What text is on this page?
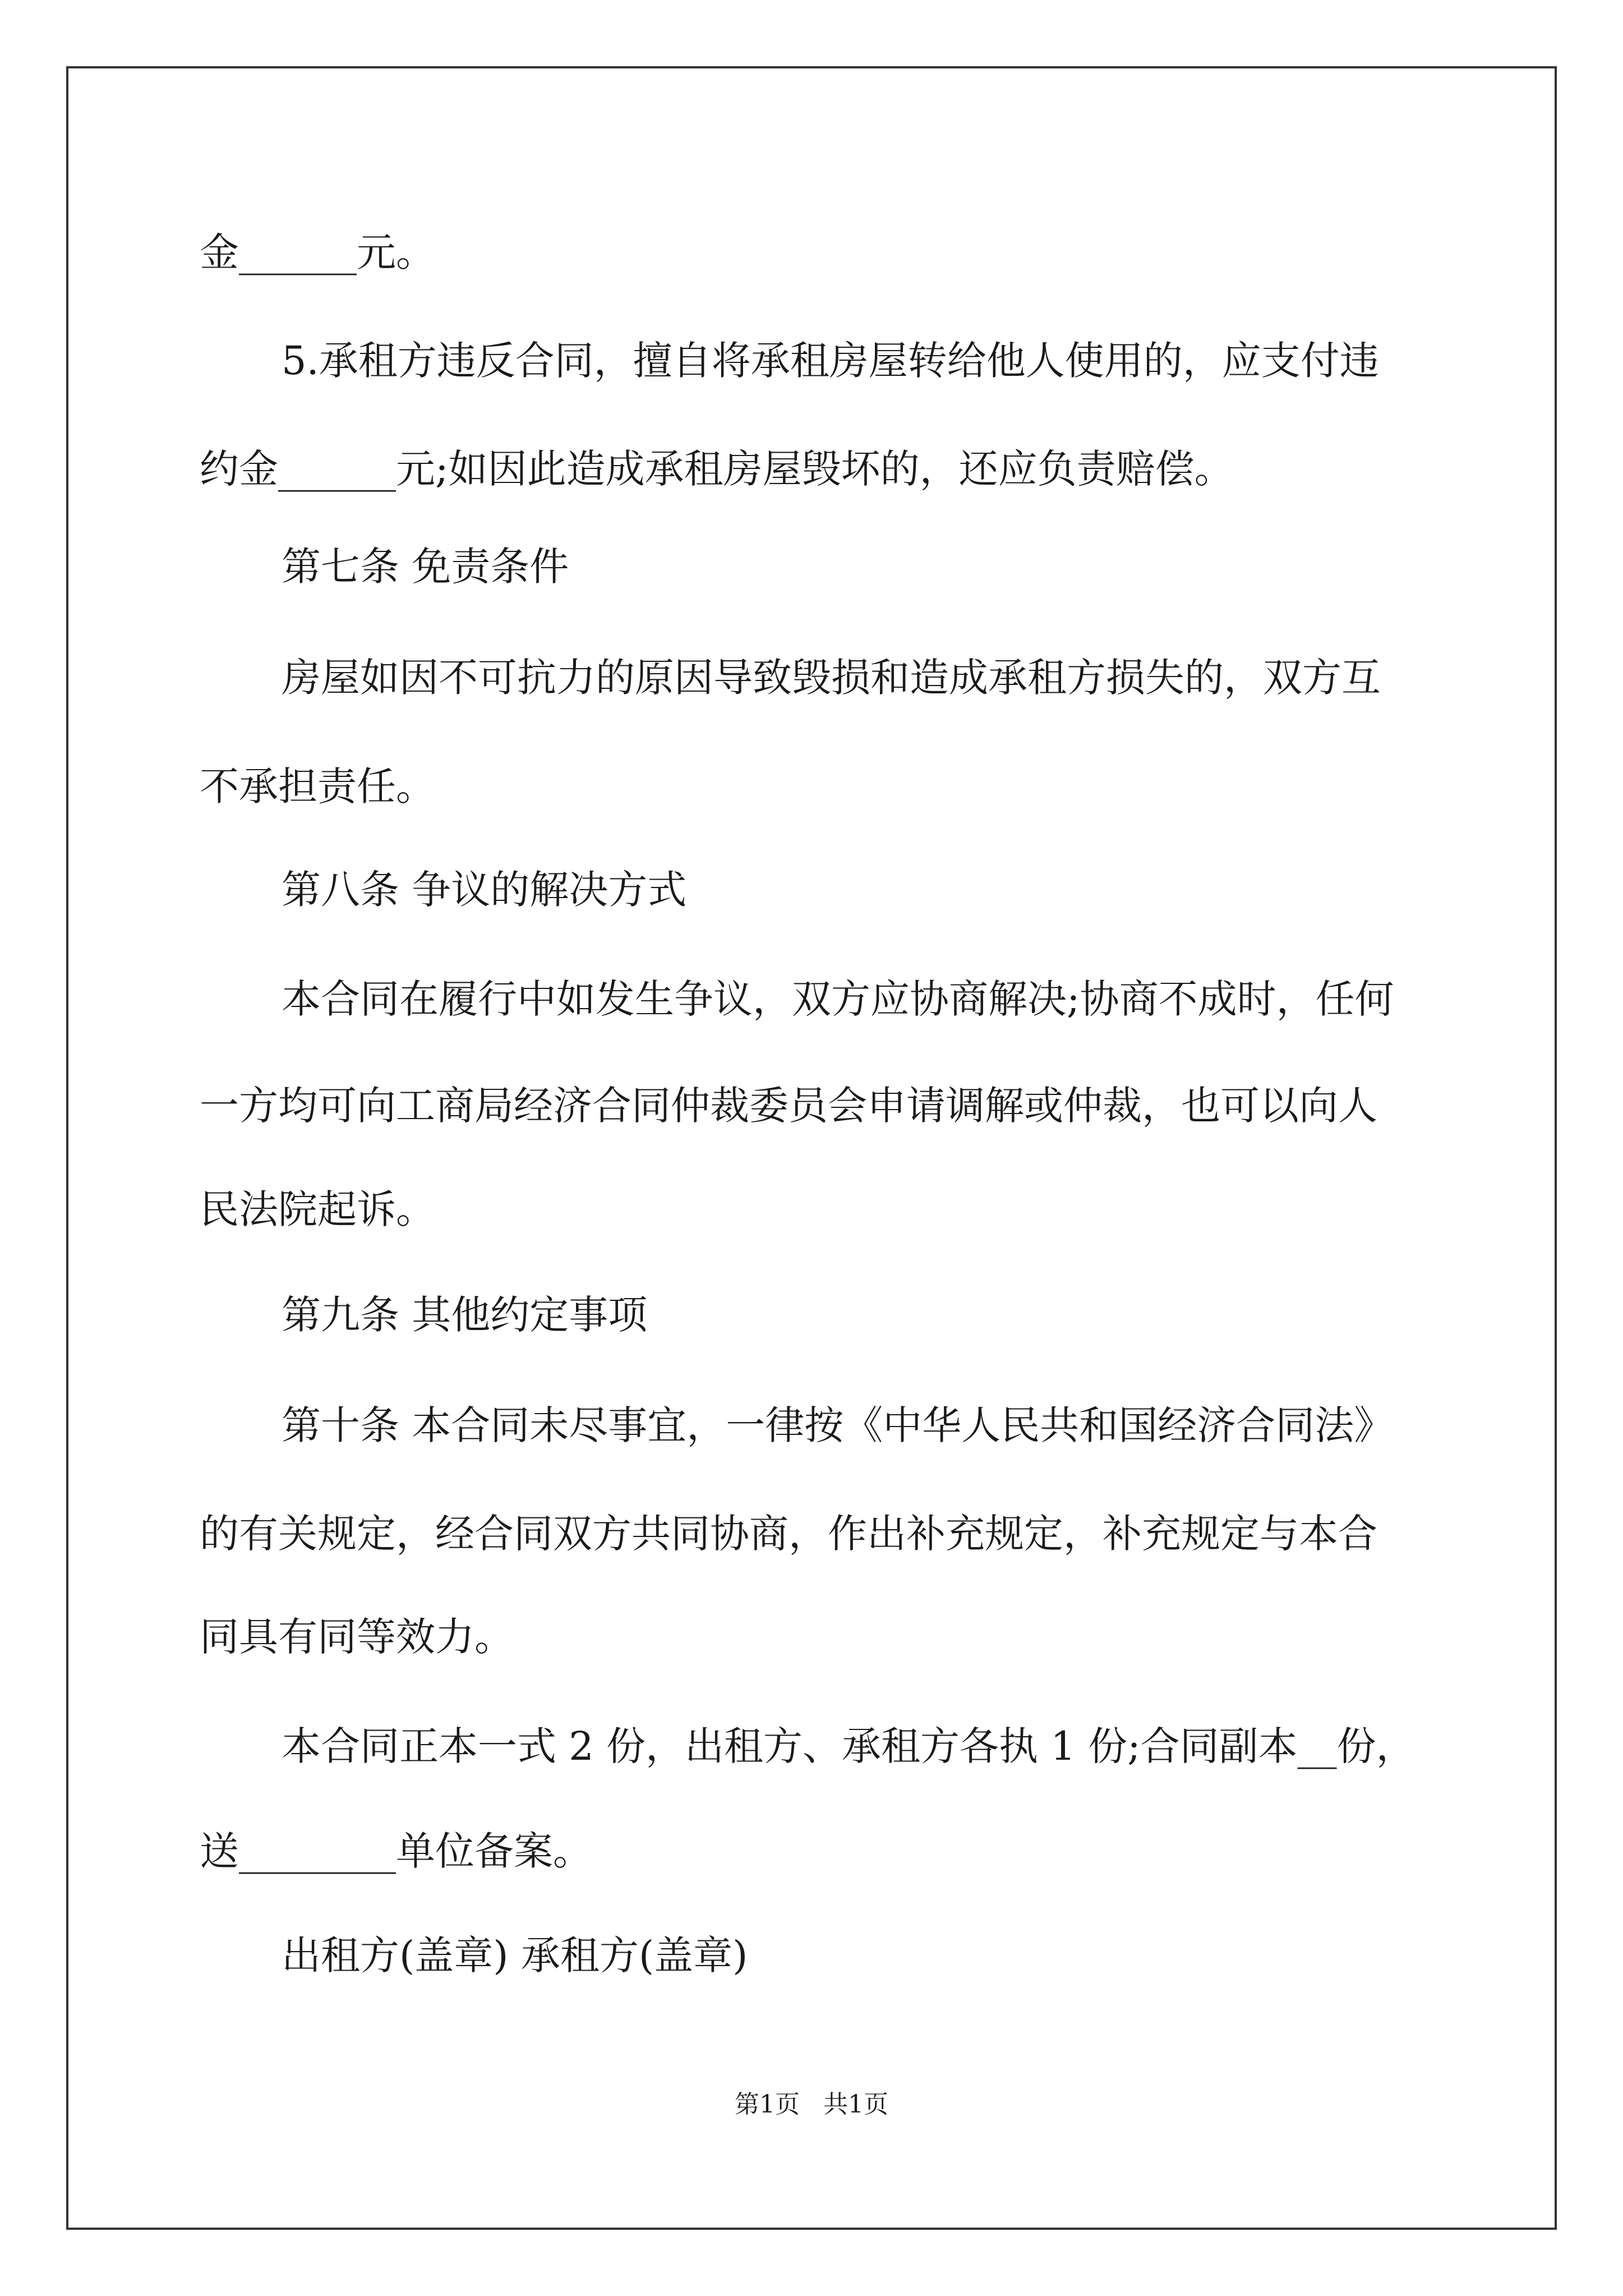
金______元。
5.承租方违反合同，擅自将承租房屋转给他人使用的，应支付违
约金______元;如因此造成承租房屋毁坏的，还应负责赔偿。
第七条 免责条件
房屋如因不可抗力的原因导致毁损和造成承租方损失的，双方互
不承担责任。
第八条 争议的解决方式
本合同在履行中如发生争议，双方应协商解决;协商不成时，任何
一方均可向工商局经济合同仲裁委员会申请调解或仲裁，也可以向人
民法院起诉。
第九条 其他约定事项
第十条 本合同未尽事宜，一律按《中华人民共和国经济合同法》
的有关规定，经合同双方共同协商，作出补充规定，补充规定与本合
同具有同等效力。
本合同正本一式 2 份，出租方、承租方各执 1 份;合同副本__份，
送________单位备案。
出租方(盖章) 承租方(盖章)
第1页   共1页
